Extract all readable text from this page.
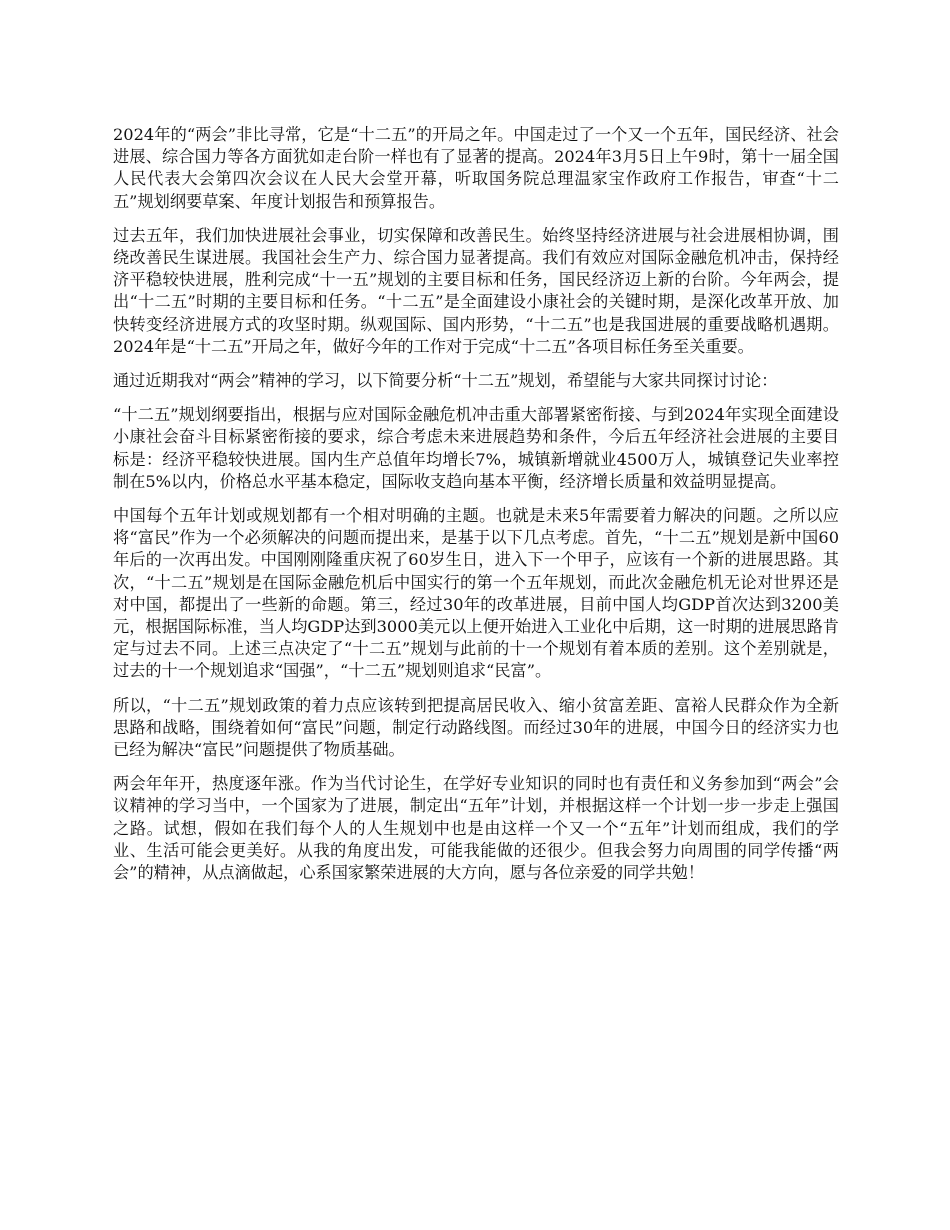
2024年的“两会”非比寻常，它是“十二五”的开局之年。中国走过了一个又一个五年，国民经济、社会进展、综合国力等各方面犹如走台阶一样也有了显著的提高。2024年3月5日上午9时，第十一届全国人民代表大会第四次会议在人民大会堂开幕，听取国务院总理温家宝作政府工作报告，审查“十二五”规划纲要草案、年度计划报告和预算报告。

过去五年，我们加快进展社会事业，切实保障和改善民生。始终坚持经济进展与社会进展相协调，围绕改善民生谋进展。我国社会生产力、综合国力显著提高。我们有效应对国际金融危机冲击，保持经济平稳较快进展，胜利完成“十一五”规划的主要目标和任务，国民经济迈上新的台阶。今年两会，提出“十二五”时期的主要目标和任务。“十二五”是全面建设小康社会的关键时期，是深化改革开放、加快转变经济进展方式的攻坚时期。纵观国际、国内形势，“十二五”也是我国进展的重要战略机遇期。2024年是“十二五”开局之年，做好今年的工作对于完成“十二五”各项目标任务至关重要。

通过近期我对“两会”精神的学习，以下简要分析“十二五”规划，希望能与大家共同探讨讨论：

“十二五”规划纲要指出，根据与应对国际金融危机冲击重大部署紧密衔接、与到2024年实现全面建设小康社会奋斗目标紧密衔接的要求，综合考虑未来进展趋势和条件，今后五年经济社会进展的主要目标是：经济平稳较快进展。国内生产总值年均增长7%，城镇新增就业4500万人，城镇登记失业率控制在5%以内，价格总水平基本稳定，国际收支趋向基本平衡，经济增长质量和效益明显提高。

中国每个五年计划或规划都有一个相对明确的主题。也就是未来5年需要着力解决的问题。之所以应将“富民”作为一个必须解决的问题而提出来，是基于以下几点考虑。首先，“十二五”规划是新中国60年后的一次再出发。中国刚刚隆重庆祝了60岁生日，进入下一个甲子，应该有一个新的进展思路。其次，“十二五”规划是在国际金融危机后中国实行的第一个五年规划，而此次金融危机无论对世界还是对中国，都提出了一些新的命题。第三，经过30年的改革进展，目前中国人均GDP首次达到3200美元，根据国际标准，当人均GDP达到3000美元以上便开始进入工业化中后期，这一时期的进展思路肯定与过去不同。上述三点决定了“十二五”规划与此前的十一个规划有着本质的差别。这个差别就是，过去的十一个规划追求“国强”，“十二五”规划则追求“民富”。

所以，“十二五”规划政策的着力点应该转到把提高居民收入、缩小贫富差距、富裕人民群众作为全新思路和战略，围绕着如何“富民”问题，制定行动路线图。而经过30年的进展，中国今日的经济实力也已经为解决“富民”问题提供了物质基础。

两会年年开，热度逐年涨。作为当代讨论生，在学好专业知识的同时也有责任和义务参加到“两会”会议精神的学习当中，一个国家为了进展，制定出“五年”计划，并根据这样一个计划一步一步走上强国之路。试想，假如在我们每个人的人生规划中也是由这样一个又一个“五年”计划而组成，我们的学业、生活可能会更美好。从我的角度出发，可能我能做的还很少。但我会努力向周围的同学传播“两会”的精神，从点滴做起，心系国家繁荣进展的大方向，愿与各位亲爱的同学共勉！
